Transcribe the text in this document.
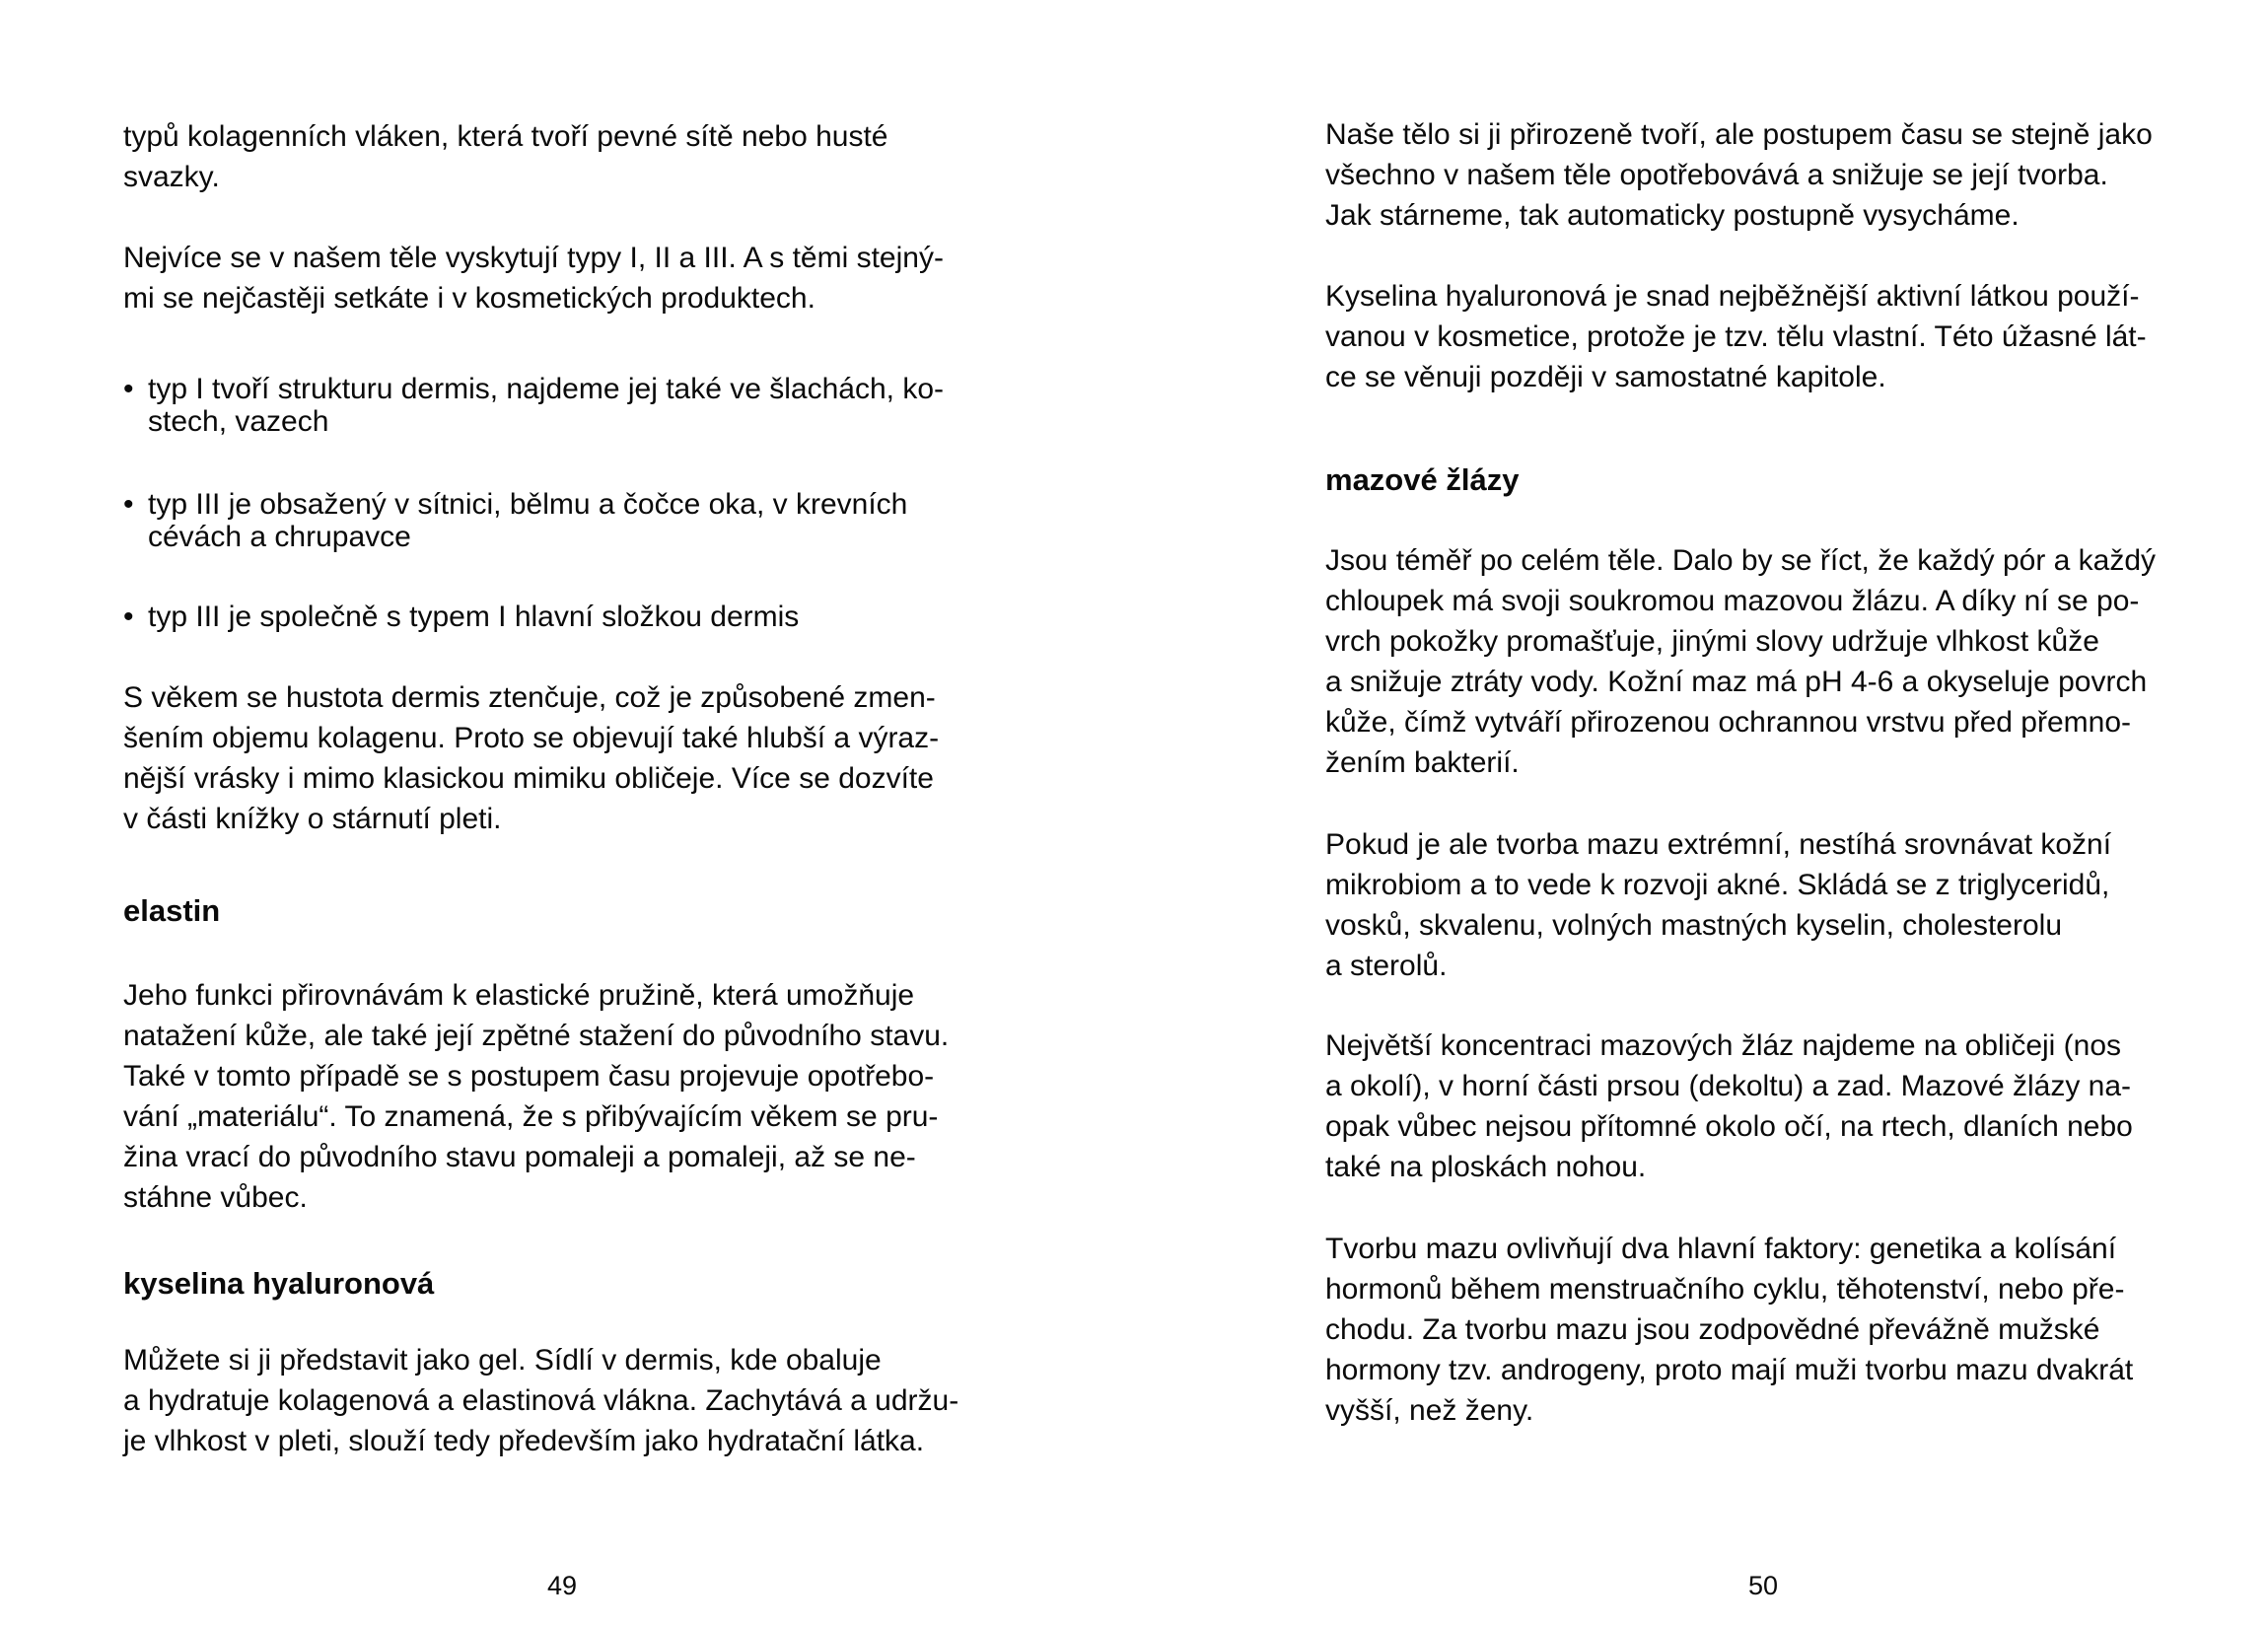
typů kolagenních vláken, která tvoří pevné sítě nebo husté
svazky.

Nejvíce se v našem těle vyskytují typy I, II a III. A s těmi stejný-
mi se nejčastěji setkáte i v kosmetických produktech.

• typ I tvoří strukturu dermis, najdeme jej také ve šlachách, ko-
stech, vazech
• typ III je obsažený v sítnici, bělmu a čočce oka, v krevních
cévách a chrupavce
• typ III je společně s typem I hlavní složkou dermis

S věkem se hustota dermis ztenčuje, což je způsobené zmen-
šením objemu kolagenu. Proto se objevují také hlubší a výraz-
nější vrásky i mimo klasickou mimiku obličeje. Více se dozvíte
v části knížky o stárnutí pleti.

elastin

Jeho funkci přirovnávám k elastické pružině, která umožňuje
natažení kůže, ale také její zpětné stažení do původního stavu.
Také v tomto případě se s postupem času projevuje opotřebo-
vání „materiálu“. To znamená, že s přibývajícím věkem se pru-
žina vrací do původního stavu pomaleji a pomaleji, až se ne-
stáhne vůbec.

kyselina hyaluronová

Můžete si ji představit jako gel. Sídlí v dermis, kde obaluje
a hydratuje kolagenová a elastinová vlákna. Zachytává a udržu-
je vlhkost v pleti, slouží tedy především jako hydratační látka.

49

Naše tělo si ji přirozeně tvoří, ale postupem času se stejně jako
všechno v našem těle opotřebovává a snižuje se její tvorba.
Jak stárneme, tak automaticky postupně vysycháme.

Kyselina hyaluronová je snad nejběžnější aktivní látkou použí-
vanou v kosmetice, protože je tzv. tělu vlastní. Této úžasné lát-
ce se věnuji později v samostatné kapitole.

mazové žlázy

Jsou téměř po celém těle. Dalo by se říct, že každý pór a každý
chloupek má svoji soukromou mazovou žlázu. A díky ní se po-
vrch pokožky promašťuje, jinými slovy udržuje vlhkost kůže
a snižuje ztráty vody. Kožní maz má pH 4-6 a okyseluje povrch
kůže, čímž vytváří přirozenou ochrannou vrstvu před přemno-
žením bakterií.

Pokud je ale tvorba mazu extrémní, nestíhá srovnávat kožní
mikrobiom a to vede k rozvoji akné. Skládá se z triglyceridů,
vosků, skvalenu, volných mastných kyselin, cholesterolu
a sterolů.

Největší koncentraci mazových žláz najdeme na obličeji (nos
a okolí), v horní části prsou (dekoltu) a zad. Mazové žlázy na-
opak vůbec nejsou přítomné okolo očí, na rtech, dlaních nebo
také na ploskách nohou.

Tvorbu mazu ovlivňují dva hlavní faktory: genetika a kolísání
hormonů během menstruačního cyklu, těhotenství, nebo pře-
chodu. Za tvorbu mazu jsou zodpovědné převážně mužské
hormony tzv. androgeny, proto mají muži tvorbu mazu dvakrát
vyšší, než ženy.

50
